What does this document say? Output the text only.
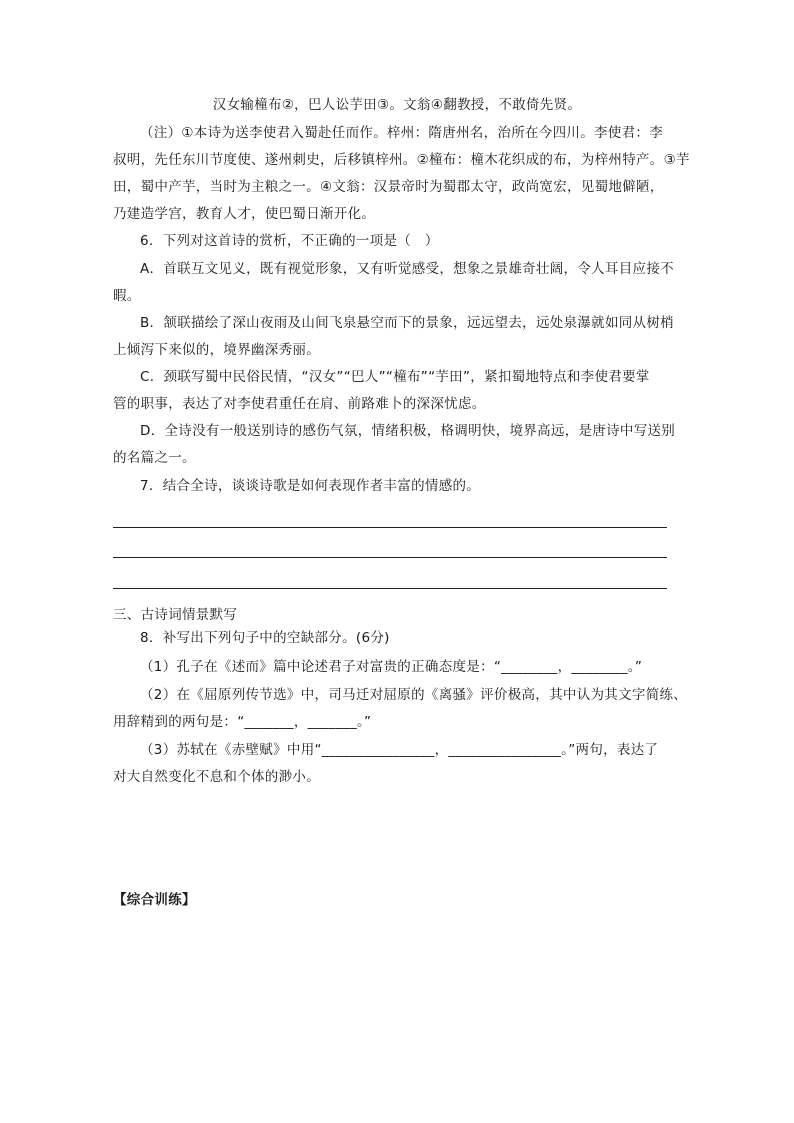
汉女输橦布②，巴人讼芋田③。文翁④翻教授，不敢倚先贤。
（注）①本诗为送李使君入蜀赴任而作。梓州：隋唐州名，治所在今四川。李使君：李
叔明，先任东川节度使、遂州刺史，后移镇梓州。②橦布：橦木花织成的布，为梓州特产。③芋
田，蜀中产芋，当时为主粮之一。④文翁：汉景帝时为蜀郡太守，政尚宽宏，见蜀地僻陋，
乃建造学宫，教育人才，使巴蜀日渐开化。
6．下列对这首诗的赏析，不正确的一项是（　）
A．首联互文见义，既有视觉形象，又有听觉感受，想象之景雄奇壮阔，令人耳目应接不
暇。
B．颔联描绘了深山夜雨及山间飞泉悬空而下的景象，远远望去，远处泉瀑就如同从树梢
上倾泻下来似的，境界幽深秀丽。
C．颈联写蜀中民俗民情，“汉女”“巴人”“橦布”“芋田”，紧扣蜀地特点和李使君要掌
管的职事，表达了对李使君重任在肩、前路难卜的深深忧虑。
D．全诗没有一般送别诗的感伤气氛，情绪积极，格调明快，境界高远，是唐诗中写送别
的名篇之一。
7．结合全诗，谈谈诗歌是如何表现作者丰富的情感的。
三、古诗词情景默写
8．补写出下列句子中的空缺部分。(6分)
（1）孔子在《述而》篇中论述君子对富贵的正确态度是：“________，________。”
（2）在《屈原列传节选》中，司马迁对屈原的《离骚》评价极高，其中认为其文字简练、
用辞精到的两句是：“_______，_______。”
（3）苏轼在《赤壁赋》中用“________________，________________。”两句，表达了
对大自然变化不息和个体的渺小。
【综合训练】
